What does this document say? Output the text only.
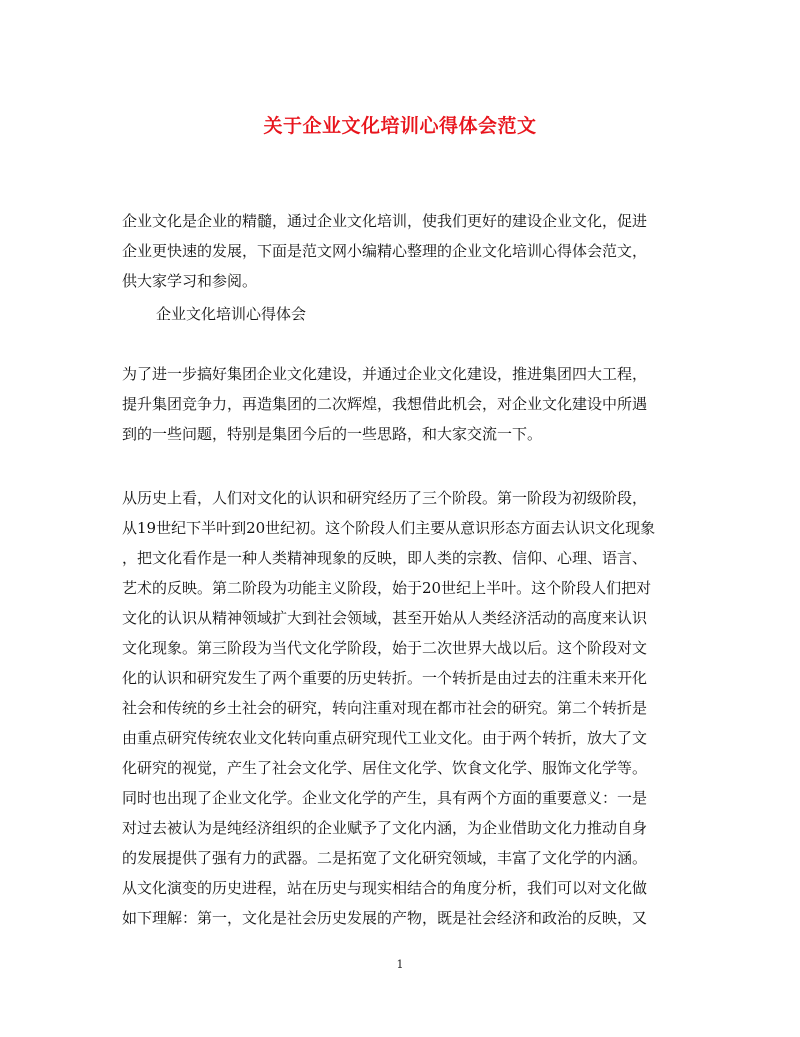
关于企业文化培训心得体会范文
企业文化是企业的精髓，通过企业文化培训，使我们更好的建设企业文化，促进
企业更快速的发展，下面是范文网小编精心整理的企业文化培训心得体会范文，
供大家学习和参阅。
企业文化培训心得体会
为了进一步搞好集团企业文化建设，并通过企业文化建设，推进集团四大工程，
提升集团竞争力，再造集团的二次辉煌，我想借此机会，对企业文化建设中所遇
到的一些问题，特别是集团今后的一些思路，和大家交流一下。
从历史上看，人们对文化的认识和研究经历了三个阶段。第一阶段为初级阶段，
从19世纪下半叶到20世纪初。这个阶段人们主要从意识形态方面去认识文化现象
，把文化看作是一种人类精神现象的反映，即人类的宗教、信仰、心理、语言、
艺术的反映。第二阶段为功能主义阶段，始于20世纪上半叶。这个阶段人们把对
文化的认识从精神领域扩大到社会领域，甚至开始从人类经济活动的高度来认识
文化现象。第三阶段为当代文化学阶段，始于二次世界大战以后。这个阶段对文
化的认识和研究发生了两个重要的历史转折。一个转折是由过去的注重未来开化
社会和传统的乡土社会的研究，转向注重对现在都市社会的研究。第二个转折是
由重点研究传统农业文化转向重点研究现代工业文化。由于两个转折，放大了文
化研究的视觉，产生了社会文化学、居住文化学、饮食文化学、服饰文化学等。
同时也出现了企业文化学。企业文化学的产生，具有两个方面的重要意义：一是
对过去被认为是纯经济组织的企业赋予了文化内涵，为企业借助文化力推动自身
的发展提供了强有力的武器。二是拓宽了文化研究领域，丰富了文化学的内涵。
从文化演变的历史进程，站在历史与现实相结合的角度分析，我们可以对文化做
如下理解：第一，文化是社会历史发展的产物，既是社会经济和政治的反映，又
1
